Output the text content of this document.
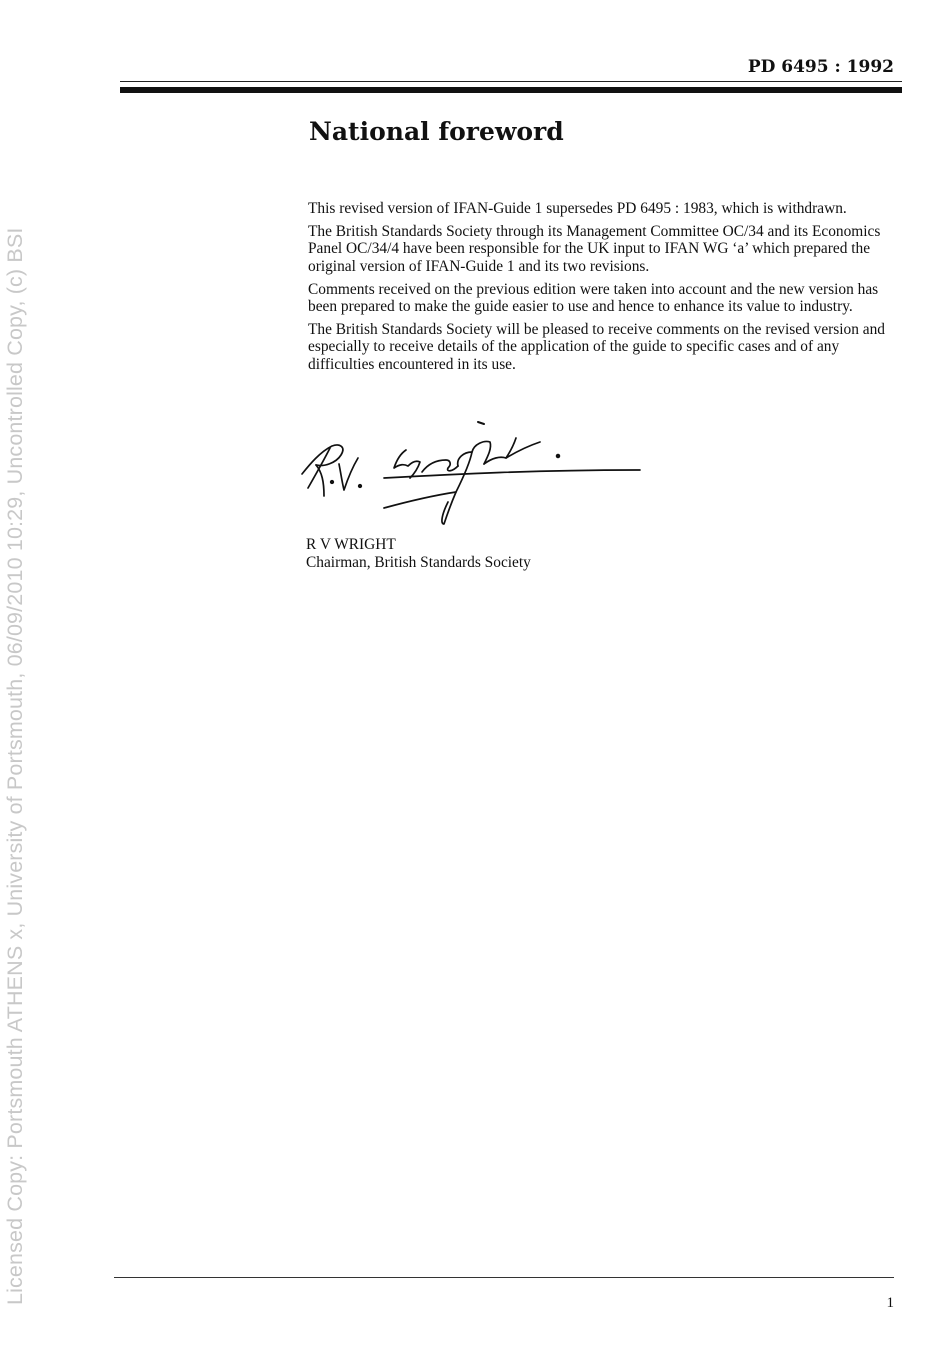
Licensed Copy: Portsmouth ATHENS x, University of Portsmouth, 06/09/2010 10:29, Uncontrolled Copy, (c) BSI
PD 6495 : 1992
National foreword

This revised version of IFAN-Guide 1 supersedes PD 6495 : 1983, which is withdrawn.

The British Standards Society through its Management Committee OC/34 and its Economics Panel OC/34/4 have been responsible for the UK input to IFAN WG ‘a’ which prepared the original version of IFAN-Guide 1 and its two revisions.

Comments received on the previous edition were taken into account and the new version has been prepared to make the guide easier to use and hence to enhance its value to industry.

The British Standards Society will be pleased to receive comments on the revised version and especially to receive details of the application of the guide to specific cases and of any difficulties encountered in its use.

R V WRIGHT
Chairman, British Standards Society
1
